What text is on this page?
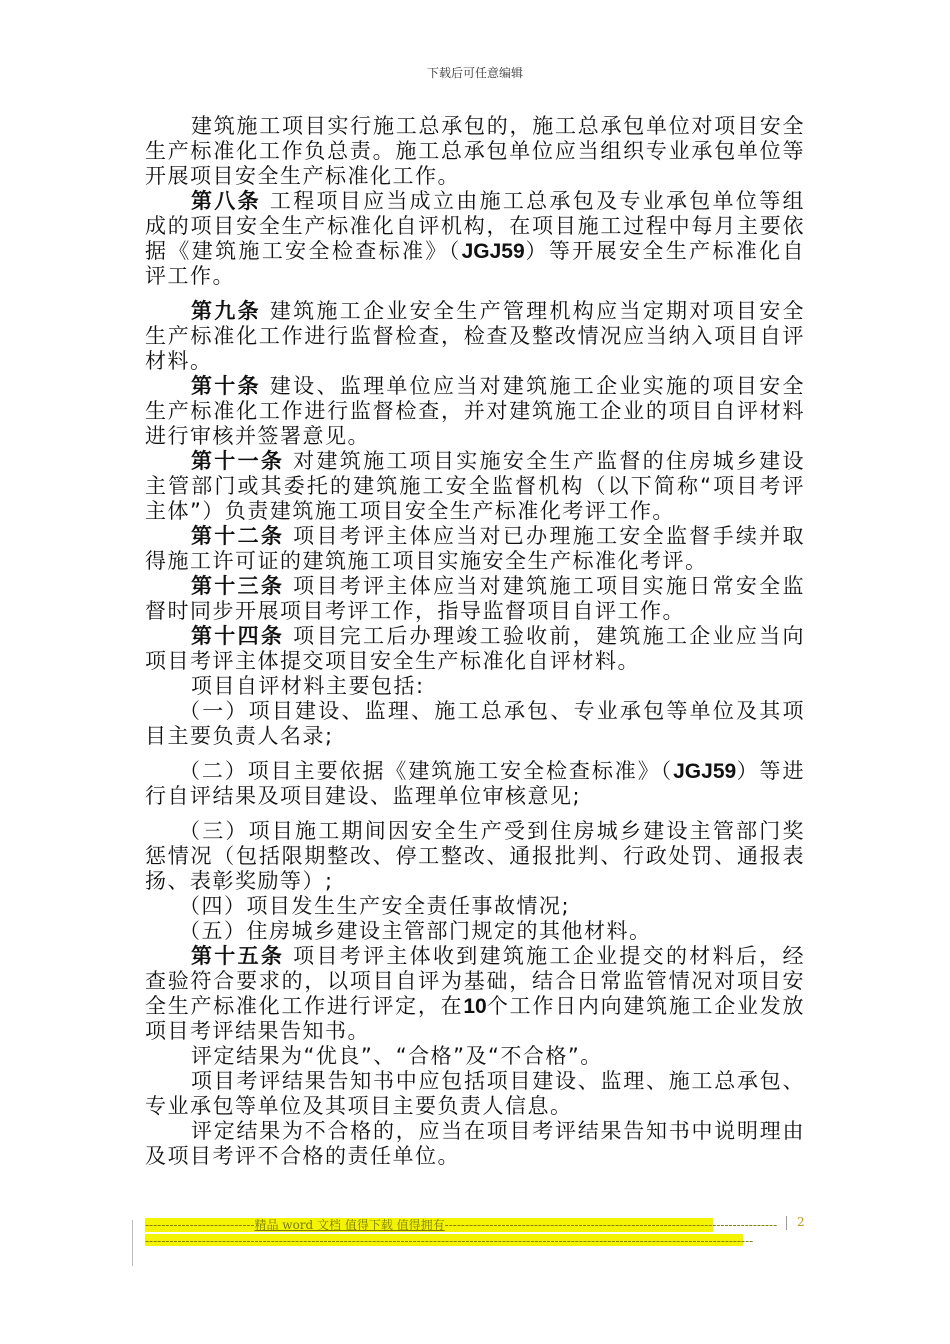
下载后可任意编辑

建筑施工项目实行施工总承包的，施工总承包单位对项目安全生产标准化工作负总责。施工总承包单位应当组织专业承包单位等开展项目安全生产标准化工作。

第八条 工程项目应当成立由施工总承包及专业承包单位等组成的项目安全生产标准化自评机构，在项目施工过程中每月主要依据《建筑施工安全检查标准》（JGJ59）等开展安全生产标准化自评工作。

第九条 建筑施工企业安全生产管理机构应当定期对项目安全生产标准化工作进行监督检查，检查及整改情况应当纳入项目自评材料。

第十条 建设、监理单位应当对建筑施工企业实施的项目安全生产标准化工作进行监督检查，并对建筑施工企业的项目自评材料进行审核并签署意见。

第十一条 对建筑施工项目实施安全生产监督的住房城乡建设主管部门或其委托的建筑施工安全监督机构（以下简称“项目考评主体”）负责建筑施工项目安全生产标准化考评工作。

第十二条 项目考评主体应当对已办理施工安全监督手续并取得施工许可证的建筑施工项目实施安全生产标准化考评。

第十三条 项目考评主体应当对建筑施工项目实施日常安全监督时同步开展项目考评工作，指导监督项目自评工作。

第十四条 项目完工后办理竣工验收前，建筑施工企业应当向项目考评主体提交项目安全生产标准化自评材料。

项目自评材料主要包括:

（一）项目建设、监理、施工总承包、专业承包等单位及其项目主要负责人名录;

（二）项目主要依据《建筑施工安全检查标准》（JGJ59）等进行自评结果及项目建设、监理单位审核意见;

（三）项目施工期间因安全生产受到住房城乡建设主管部门奖惩情况（包括限期整改、停工整改、通报批判、行政处罚、通报表扬、表彰奖励等）;

（四）项目发生生产安全责任事故情况;

（五）住房城乡建设主管部门规定的其他材料。

第十五条 项目考评主体收到建筑施工企业提交的材料后，经查验符合要求的，以项目自评为基础，结合日常监管情况对项目安全生产标准化工作进行评定，在10个工作日内向建筑施工企业发放项目考评结果告知书。

评定结果为“优良”、“合格”及“不合格”。

项目考评结果告知书中应包括项目建设、监理、施工总承包、专业承包等单位及其项目主要负责人信息。

评定结果为不合格的，应当在项目考评结果告知书中说明理由及项目考评不合格的责任单位。

---------------------------精品 word 文档 值得下载 值得拥有----------------------------------------------------------------------------------
------------------------------------------------------------------------------------------------------------------------------------------------------
2
